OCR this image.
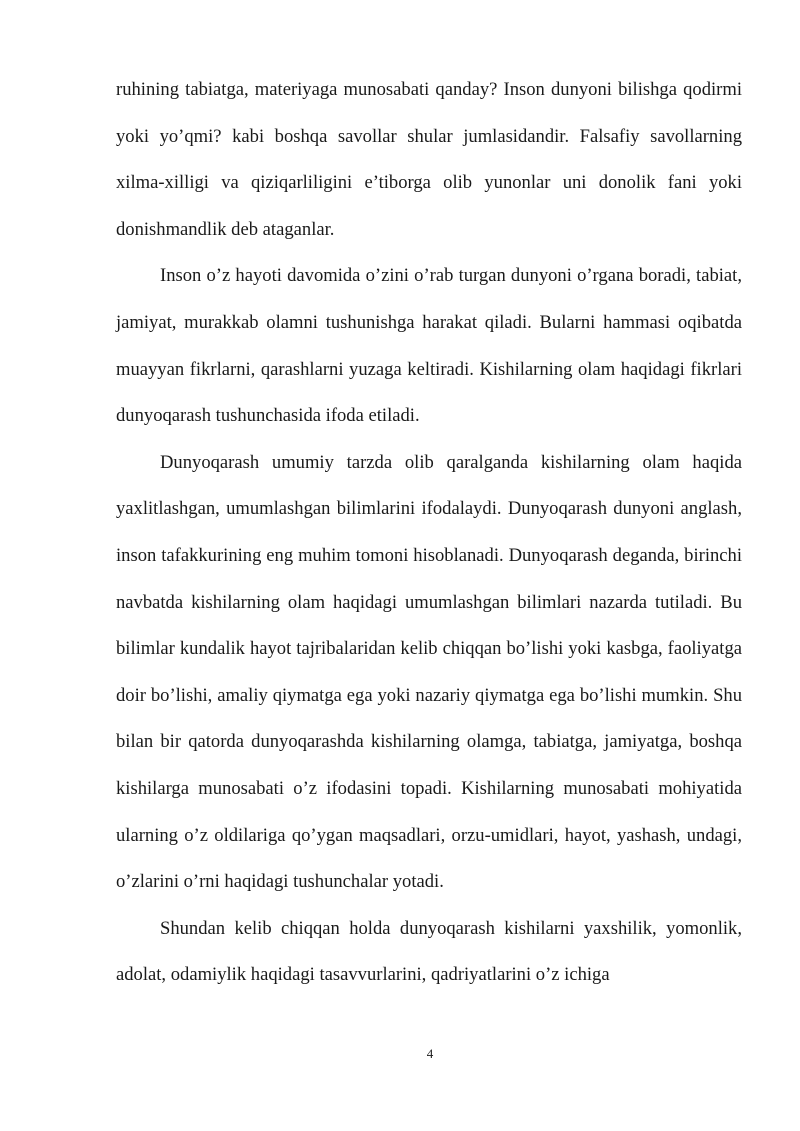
ruhining tabiatga, materiyaga munosabati qanday? Inson dunyoni bilishga qodirmi yoki yo’qmi? kabi boshqa savollar shular jumlasidandir. Falsafiy savollarning xilma-xilligi va qiziqarliligini e’tiborga olib yunonlar uni donolik fani yoki donishmandlik deb ataganlar.

Inson o’z hayoti davomida o’zini o’rab turgan dunyoni o’rgana boradi, tabiat, jamiyat, murakkab olamni tushunishga harakat qiladi. Bularni hammasi oqibatda muayyan fikrlarni, qarashlarni yuzaga keltiradi. Kishilarning olam haqidagi fikrlari dunyoqarash tushunchasida ifoda etiladi.

Dunyoqarash umumiy tarzda olib qaralganda kishilarning olam haqida yaxlitlashgan, umumlashgan bilimlarini ifodalaydi. Dunyoqarash dunyoni anglash, inson tafakkurining eng muhim tomoni hisoblanadi. Dunyoqarash deganda, birinchi navbatda kishilarning olam haqidagi umumlashgan bilimlari nazarda tutiladi. Bu bilimlar kundalik hayot tajribalaridan kelib chiqqan bo’lishi yoki kasbga, faoliyatga doir bo’lishi, amaliy qiymatga ega yoki nazariy qiymatga ega bo’lishi mumkin. Shu bilan bir qatorda dunyoqarashda kishilarning olamga, tabiatga, jamiyatga, boshqa kishilarga munosabati o’z ifodasini topadi. Kishilarning munosabati mohiyatida ularning o’z oldilariga qo’ygan maqsadlari, orzu-umidlari, hayot, yashash, undagi, o’zlarini o’rni haqidagi tushunchalar yotadi.

Shundan kelib chiqqan holda dunyoqarash kishilarni yaxshilik, yomonlik, adolat, odamiylik haqidagi tasavvurlarini, qadriyatlarini o’z ichiga

4
